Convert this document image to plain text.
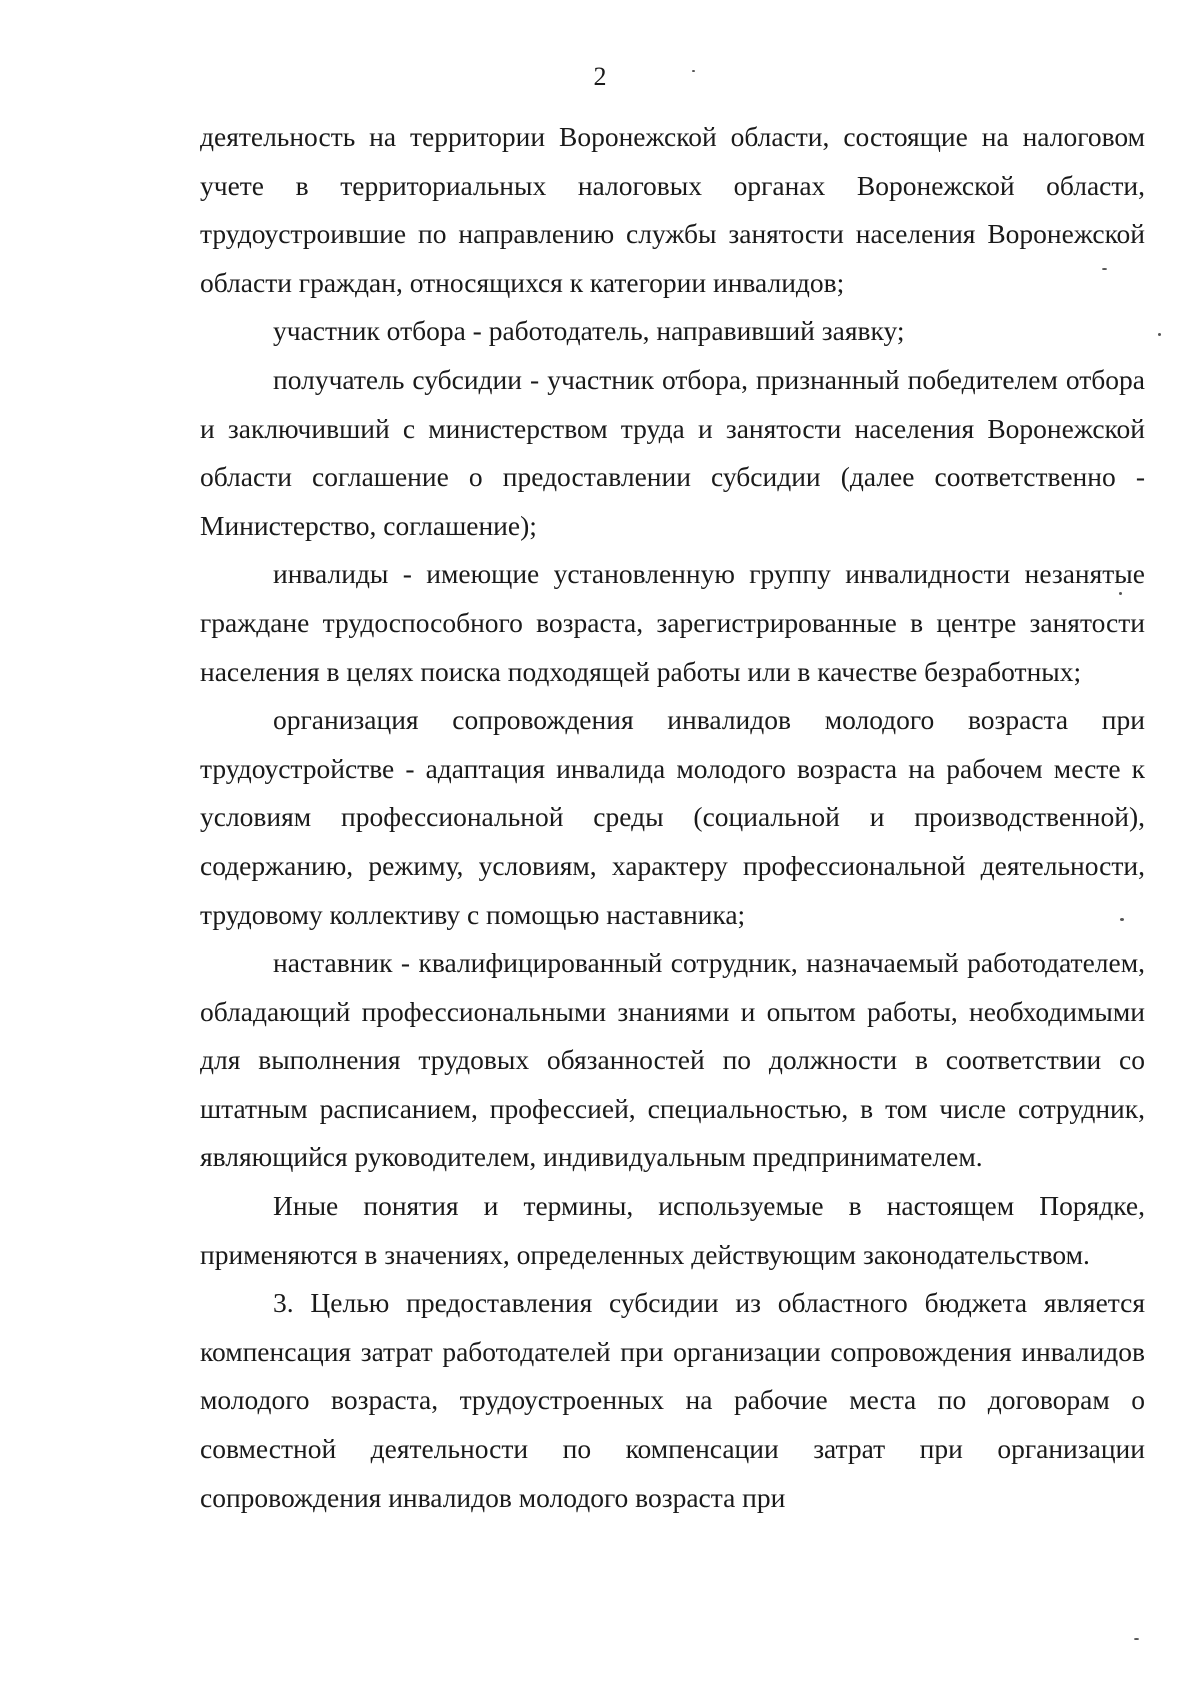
2

деятельность на территории Воронежской области, состоящие на налоговом учете в территориальных налоговых органах Воронежской области, трудоустроившие по направлению службы занятости населения Воронежской области граждан, относящихся к категории инвалидов;

участник отбора - работодатель, направивший заявку;

получатель субсидии - участник отбора, признанный победителем отбора и заключивший с министерством труда и занятости населения Воронежской области соглашение о предоставлении субсидии (далее соответственно - Министерство, соглашение);

инвалиды - имеющие установленную группу инвалидности незанятые граждане трудоспособного возраста, зарегистрированные в центре занятости населения в целях поиска подходящей работы или в качестве безработных;

организация сопровождения инвалидов молодого возраста при трудоустройстве - адаптация инвалида молодого возраста на рабочем месте к условиям профессиональной среды (социальной и производственной), содержанию, режиму, условиям, характеру профессиональной деятельности, трудовому коллективу с помощью наставника;

наставник - квалифицированный сотрудник, назначаемый работодателем, обладающий профессиональными знаниями и опытом работы, необходимыми для выполнения трудовых обязанностей по должности в соответствии со штатным расписанием, профессией, специальностью, в том числе сотрудник, являющийся руководителем, индивидуальным предпринимателем.

Иные понятия и термины, используемые в настоящем Порядке, применяются в значениях, определенных действующим законодательством.

3. Целью предоставления субсидии из областного бюджета является компенсация затрат работодателей при организации сопровождения инвалидов молодого возраста, трудоустроенных на рабочие места по договорам о совместной деятельности по компенсации затрат при организации сопровождения инвалидов молодого возраста при
